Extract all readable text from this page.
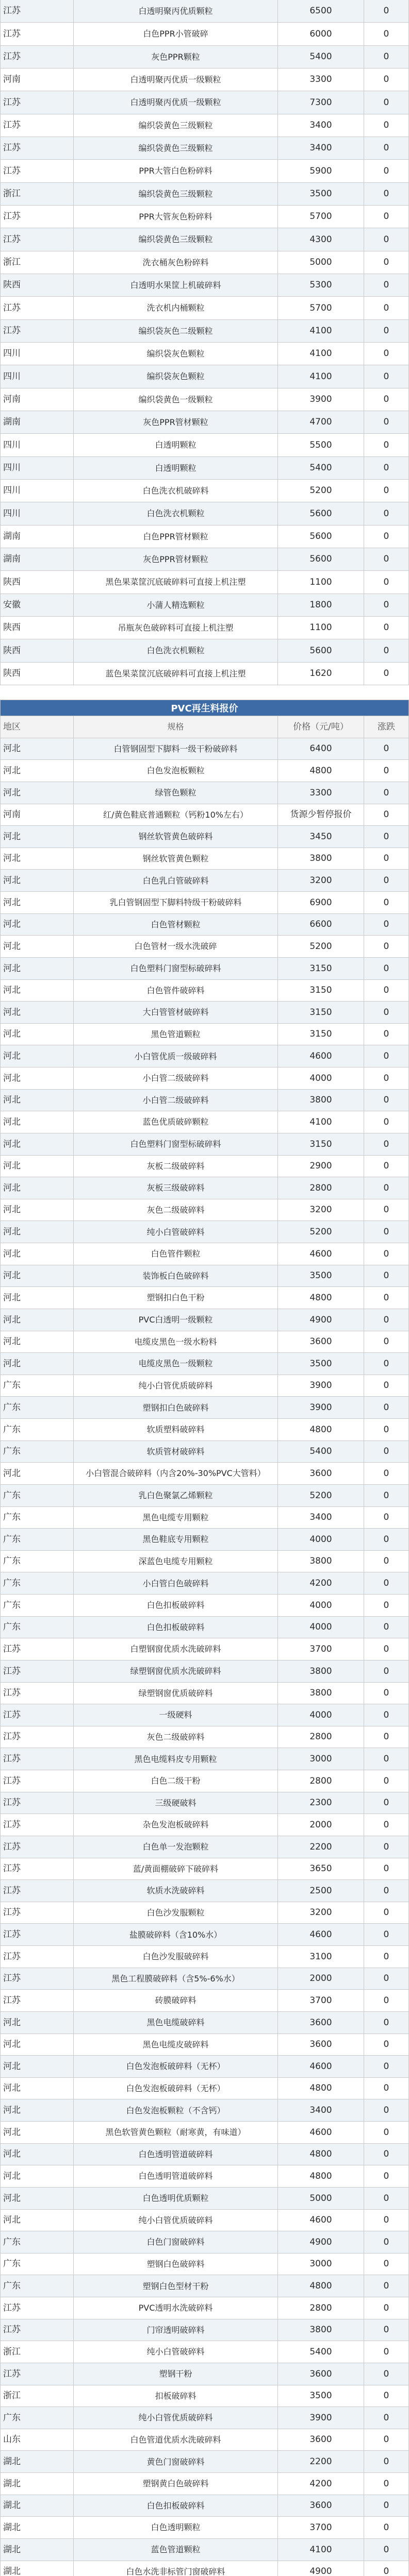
江苏	白透明聚丙优质颗粒	6500	0
江苏	白色PPR小管破碎	6000	0
江苏	灰色PPR颗粒	5400	0
河南	白透明聚丙优质一级颗粒	3300	0
江苏	白透明聚丙优质一级颗粒	7300	0
江苏	编织袋黄色三级颗粒	3400	0
江苏	编织袋黄色三级颗粒	3400	0
江苏	PPR大管白色粉碎料	5900	0
浙江	编织袋黄色三级颗粒	3500	0
江苏	PPR大管灰色粉碎料	5700	0
江苏	编织袋黄色三级颗粒	4300	0
浙江	洗衣桶灰色粉碎料	5000	0
陕西	白透明水果筐上机破碎料	5300	0
江苏	洗衣机内桶颗粒	5700	0
江苏	编织袋灰色二级颗粒	4100	0
四川	编织袋灰色颗粒	4100	0
四川	编织袋灰色颗粒	4100	0
河南	编织袋黄色一级颗粒	3900	0
湖南	灰色PPR管材颗粒	4700	0
四川	白透明颗粒	5500	0
四川	白透明颗粒	5400	0
四川	白色洗衣机破碎料	5200	0
四川	白色洗衣机颗粒	5600	0
湖南	白色PPR管材颗粒	5600	0
湖南	灰色PPR管材颗粒	5600	0
陕西	黑色果菜筐沉底破碎料可直接上机注塑	1100	0
安徽	小蒲人精选颗粒	1800	0
陕西	吊瓶灰色破碎料可直接上机注塑	1100	0
陕西	白色洗衣机颗粒	5600	0
陕西	蓝色果菜筐沉底破碎料可直接上机注塑	1620	0
PVC再生料报价
地区	规格	价格（元/吨）	涨跌
河北	白管钢固型下脚料一级干粉破碎料	6400	0
河北	白色发泡板颗粒	4800	0
河北	绿管色颗粒	3300	0
河南	红/黄色鞋底普通颗粒（钙粉10%左右）	货源少暂停报价	0
河北	钢丝软管黄色破碎料	3450	0
河北	钢丝软管黄色颗粒	3800	0
河北	白色乳白管破碎料	3200	0
河北	乳白管钢固型下脚料特级干粉破碎料	6900	0
河北	白色管材颗粒	6600	0
河北	白色管材一级水洗破碎	5200	0
河北	白色塑料门窗型标破碎料	3150	0
河北	白色管件破碎料	3150	0
河北	大白管管材破碎料	3150	0
河北	黑色管道颗粒	3150	0
河北	小白管优质一级破碎料	4600	0
河北	小白管二级破碎料	4000	0
河北	小白管二级破碎料	3800	0
河北	蓝色优质破碎颗粒	4100	0
河北	白色塑料门窗型标破碎料	3150	0
河北	灰板二级破碎料	2900	0
河北	灰板三级破碎料	2800	0
河北	灰色二级破碎料	3200	0
河北	纯小白管破碎料	5200	0
河北	白色管件颗粒	4600	0
河北	装饰板白色破碎料	3500	0
河北	塑钢扣白色干粉	4800	0
河北	PVC白透明一级颗粒	4900	0
河北	电缆皮黑色一级水粉料	3600	0
河北	电缆皮黑色一级颗粒	3500	0
广东	纯小白管优质破碎料	3900	0
广东	塑钢扣白色破碎料	3900	0
广东	软质塑料破碎料	4800	0
广东	软质管材破碎料	5400	0
河北	小白管混合破碎料（内含20%-30%PVC大管料）	3600	0
广东	乳白色聚氯乙烯颗粒	5200	0
广东	黑色电缆专用颗粒	3400	0
广东	黑色鞋底专用颗粒	4000	0
广东	深蓝色电缆专用颗粒	3800	0
广东	小白管白色破碎料	4200	0
广东	白色扣板破碎料	4000	0
广东	白色扣板破碎料	4000	0
江苏	白塑钢窗优质水洗破碎料	3700	0
江苏	绿塑钢窗优质水洗破碎料	3800	0
江苏	绿塑钢窗优质破碎料	3800	0
江苏	一级硬料	4000	0
江苏	灰色二级破碎料	2800	0
江苏	黑色电缆料皮专用颗粒	3000	0
江苏	白色二级干粉	2800	0
江苏	三级硬破料	2300	0
江苏	杂色发泡板破碎料	2000	0
江苏	白色单一发泡颗粒	2200	0
江苏	蓝/黄面棚破碎下破碎料	3650	0
江苏	软质水洗破碎料	2500	0
江苏	白色沙发服颗粒	3200	0
江苏	盐膜破碎料（含10%水）	4600	0
江苏	白色沙发服破碎料	3100	0
江苏	黑色工程膜破碎料（含5%-6%水）	2000	0
江苏	砖膜破碎料	3700	0
河北	黑色电缆破碎料	3600	0
河北	黑色电缆皮破碎料	3600	0
河北	白色发泡板破碎料（无杯）	4600	0
河北	白色发泡板破碎料（无杯）	4800	0
河北	白色发泡板颗粒（不含钙）	3400	0
河北	黑色软管黄色颗粒（耐寒黄，有味道）	4600	0
河北	白色透明管道破碎料	4800	0
河北	白色透明管道破碎料	4800	0
河北	白色透明优质颗粒	5000	0
河北	纯小白管优质破碎料	4600	0
广东	白色门窗破碎料	4900	0
广东	塑钢白色破碎料	3000	0
广东	塑钢白色型材干粉	4800	0
江苏	PVC透明水洗破碎料	2800	0
江苏	门帘透明破碎料	3800	0
浙江	纯小白管破碎料	5400	0
江苏	塑钢干粉	3600	0
浙江	扣板破碎料	3500	0
广东	纯小白管优质破碎料	3900	0
山东	白色管道优质水洗破碎料	3600	0
湖北	黄色门窗破碎料	2200	0
湖北	塑钢黄白色破碎料	4200	0
湖北	白色扣板破碎料	3600	0
湖北	白色透明颗粒	3700	0
湖北	蓝色管道颗粒	4100	0
湖北	白色水洗非标管门窗破碎料	4900	0
